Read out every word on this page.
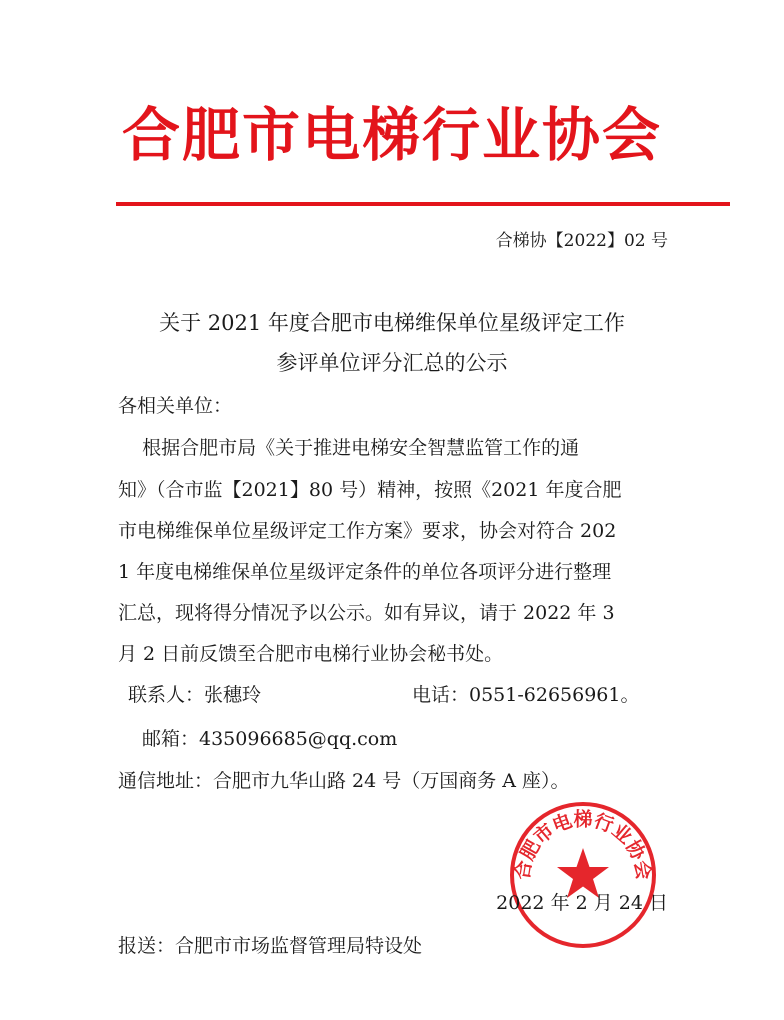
合肥市电梯行业协会
合梯协【2022】02 号
关于 2021 年度合肥市电梯维保单位星级评定工作
参评单位评分汇总的公示
各相关单位：
根据合肥市局《关于推进电梯安全智慧监管工作的通
知》（合市监【2021】80 号）精神，按照《2021 年度合肥
市电梯维保单位星级评定工作方案》要求，协会对符合 202
1 年度电梯维保单位星级评定条件的单位各项评分进行整理
汇总，现将得分情况予以公示。如有异议，请于 2022 年 3
月 2 日前反馈至合肥市电梯行业协会秘书处。
联系人：张穗玲	电话：0551-62656961。
邮箱：435096685@qq.com
通信地址：合肥市九华山路 24 号（万国商务 A 座）。
合肥市电梯行业协会
2022 年 2 月 24 日
报送：合肥市市场监督管理局特设处
